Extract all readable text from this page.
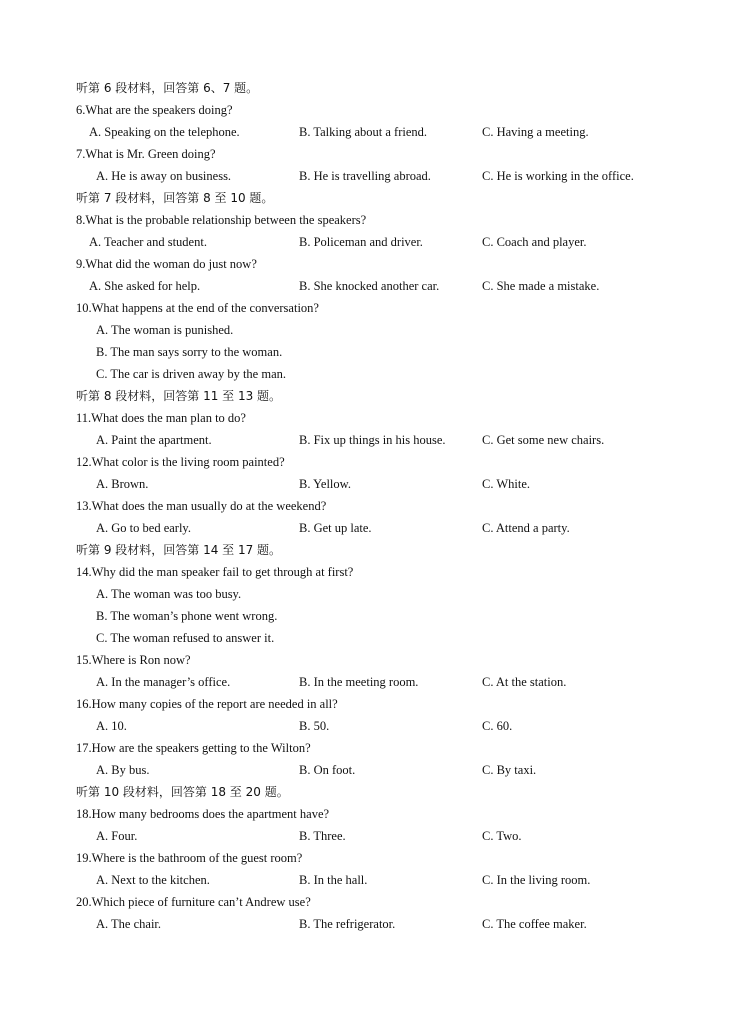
听第 6 段材料，回答第 6、7 题。
6.What are the speakers doing?
A. Speaking on the telephone.	B. Talking about a friend.	C. Having a meeting.
7.What is Mr. Green doing?
A. He is away on business.	B. He is travelling abroad.	C. He is working in the office.
听第 7 段材料，回答第 8 至 10 题。
8.What is the probable relationship between the speakers?
A. Teacher and student.	B. Policeman and driver.	C. Coach and player.
9.What did the woman do just now?
A. She asked for help.	B. She knocked another car.	C. She made a mistake.
10.What happens at the end of the conversation?
A. The woman is punished.
B. The man says sorry to the woman.
C. The car is driven away by the man.
听第 8 段材料，回答第 11 至 13 题。
11.What does the man plan to do?
A. Paint the apartment.	B. Fix up things in his house.	C. Get some new chairs.
12.What color is the living room painted?
A. Brown.	B. Yellow.	C. White.
13.What does the man usually do at the weekend?
A. Go to bed early.	B. Get up late.	C. Attend a party.
听第 9 段材料，回答第 14 至 17 题。
14.Why did the man speaker fail to get through at first?
A. The woman was too busy.
B. The woman’s phone went wrong.
C. The woman refused to answer it.
15.Where is Ron now?
A. In the manager’s office.	B. In the meeting room.	C. At the station.
16.How many copies of the report are needed in all?
A. 10.	B. 50.	C. 60.
17.How are the speakers getting to the Wilton?
A. By bus.	B. On foot.	C. By taxi.
听第 10 段材料，回答第 18 至 20 题。
18.How many bedrooms does the apartment have?
A. Four.	B. Three.	C. Two.
19.Where is the bathroom of the guest room?
A. Next to the kitchen.	B. In the hall.	C. In the living room.
20.Which piece of furniture can’t Andrew use?
A. The chair.	B. The refrigerator.	C. The coffee maker.
